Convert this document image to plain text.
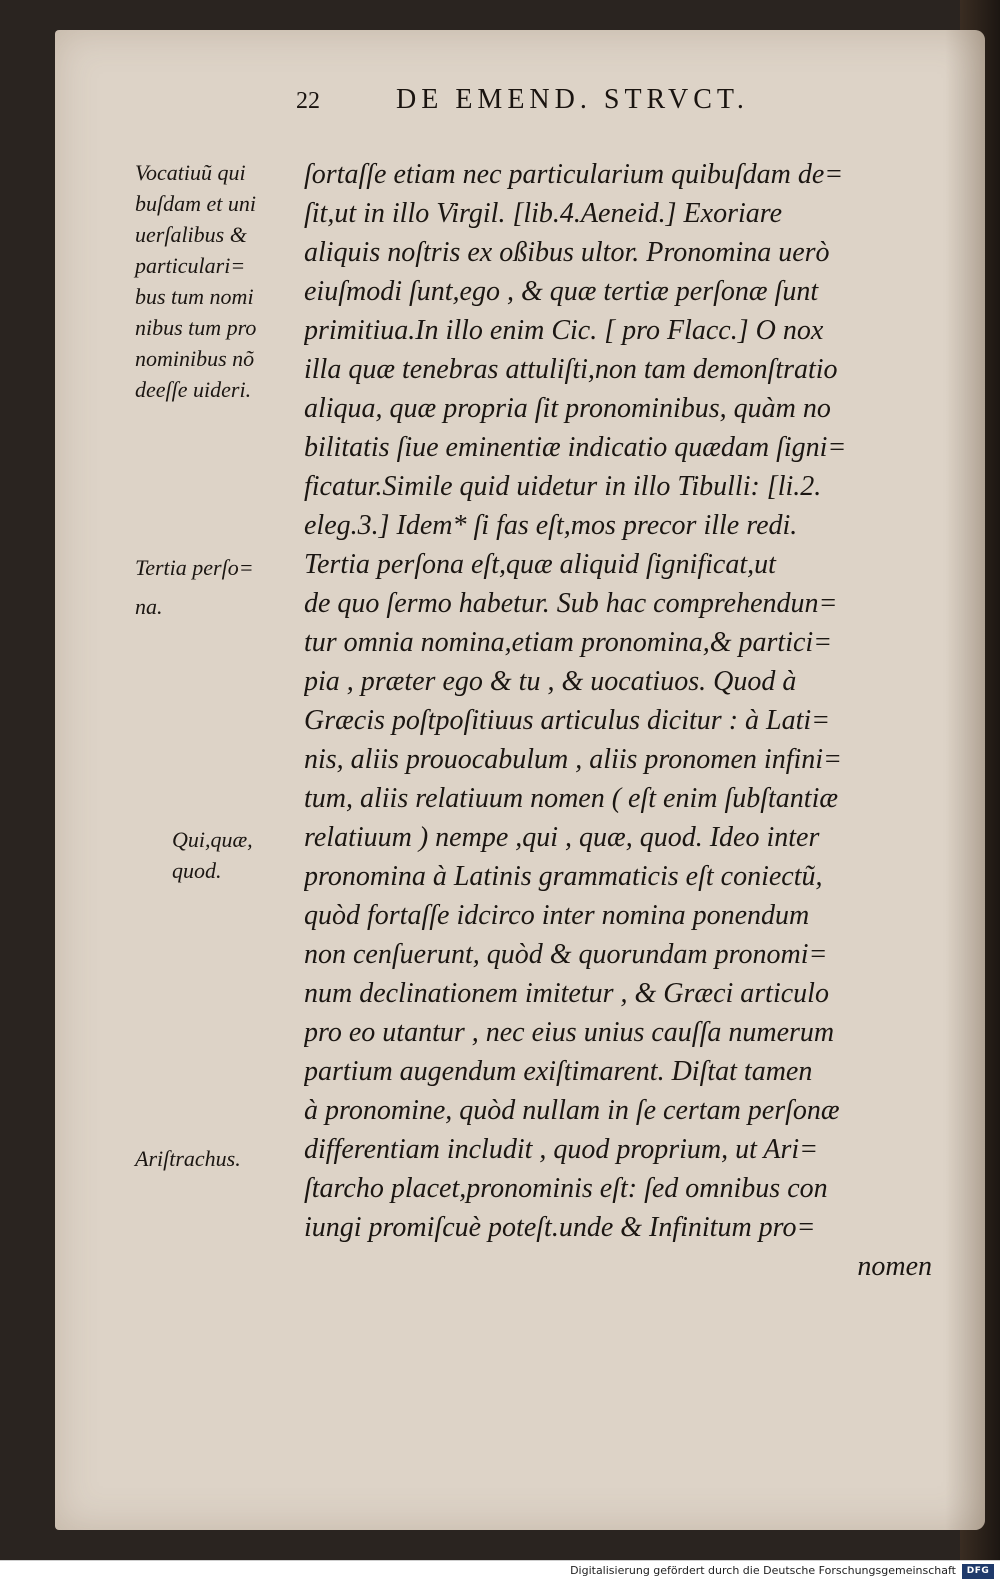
22	DE EMEND. STRVCT.
ſortaſſe etiam nec particularium quibuſdam de=
ſit,ut in illo Virgil. [lib.4.Aeneid.] Exoriare
aliquis noſtris ex oßibus ultor. Pronomina uerò
eiuſmodi ſunt,ego , & quæ tertiæ perſonæ ſunt
primitiua.In illo enim Cic. [ pro Flacc.] O nox
illa quæ tenebras attuliſti,non tam demonſtratio
aliqua, quæ propria ſit pronominibus, quàm no
bilitatis ſiue eminentiæ indicatio quædam ſigni=
ficatur.Simile quid uidetur in illo Tibulli: [li.2.
eleg.3.] Idem* ſi fas eſt,mos precor ille redi.
Tertia perſona eſt,quæ aliquid ſignificat,ut
de quo ſermo habetur. Sub hac comprehendun=
tur omnia nomina,etiam pronomina,& partici=
pia , præter ego & tu , & uocatiuos. Quod à
Græcis poſtpoſitiuus articulus dicitur : à Lati=
nis, aliis prouocabulum , aliis pronomen infini=
tum, aliis relatiuum nomen ( eſt enim ſubſtantiæ
relatiuum ) nempe ,qui , quæ, quod. Ideo inter
pronomina à Latinis grammaticis eſt coniectũ,
quòd fortaſſe idcirco inter nomina ponendum
non cenſuerunt, quòd & quorundam pronomi=
num declinationem imitetur , & Græci articulo
pro eo utantur , nec eius unius cauſſa numerum
partium augendum exiſtimarent. Diſtat tamen
à pronomine, quòd nullam in ſe certam perſonæ
differentiam includit , quod proprium, ut Ari=
ſtarcho placet,pronominis eſt: ſed omnibus con
iungi promiſcuè poteſt.unde & Infinitum pro=
nomen
Vocatiuũ qui
buſdam et uni
uerſalibus &
particulari=
bus tum nomi
nibus tum pro
nominibus nõ
deeſſe uideri.
Tertia perſo=
na.
Qui,quæ,
quod.
Ariſtrachus.
Digitalisierung gefördert durch die Deutsche Forschungsgemeinschaft	DFG
